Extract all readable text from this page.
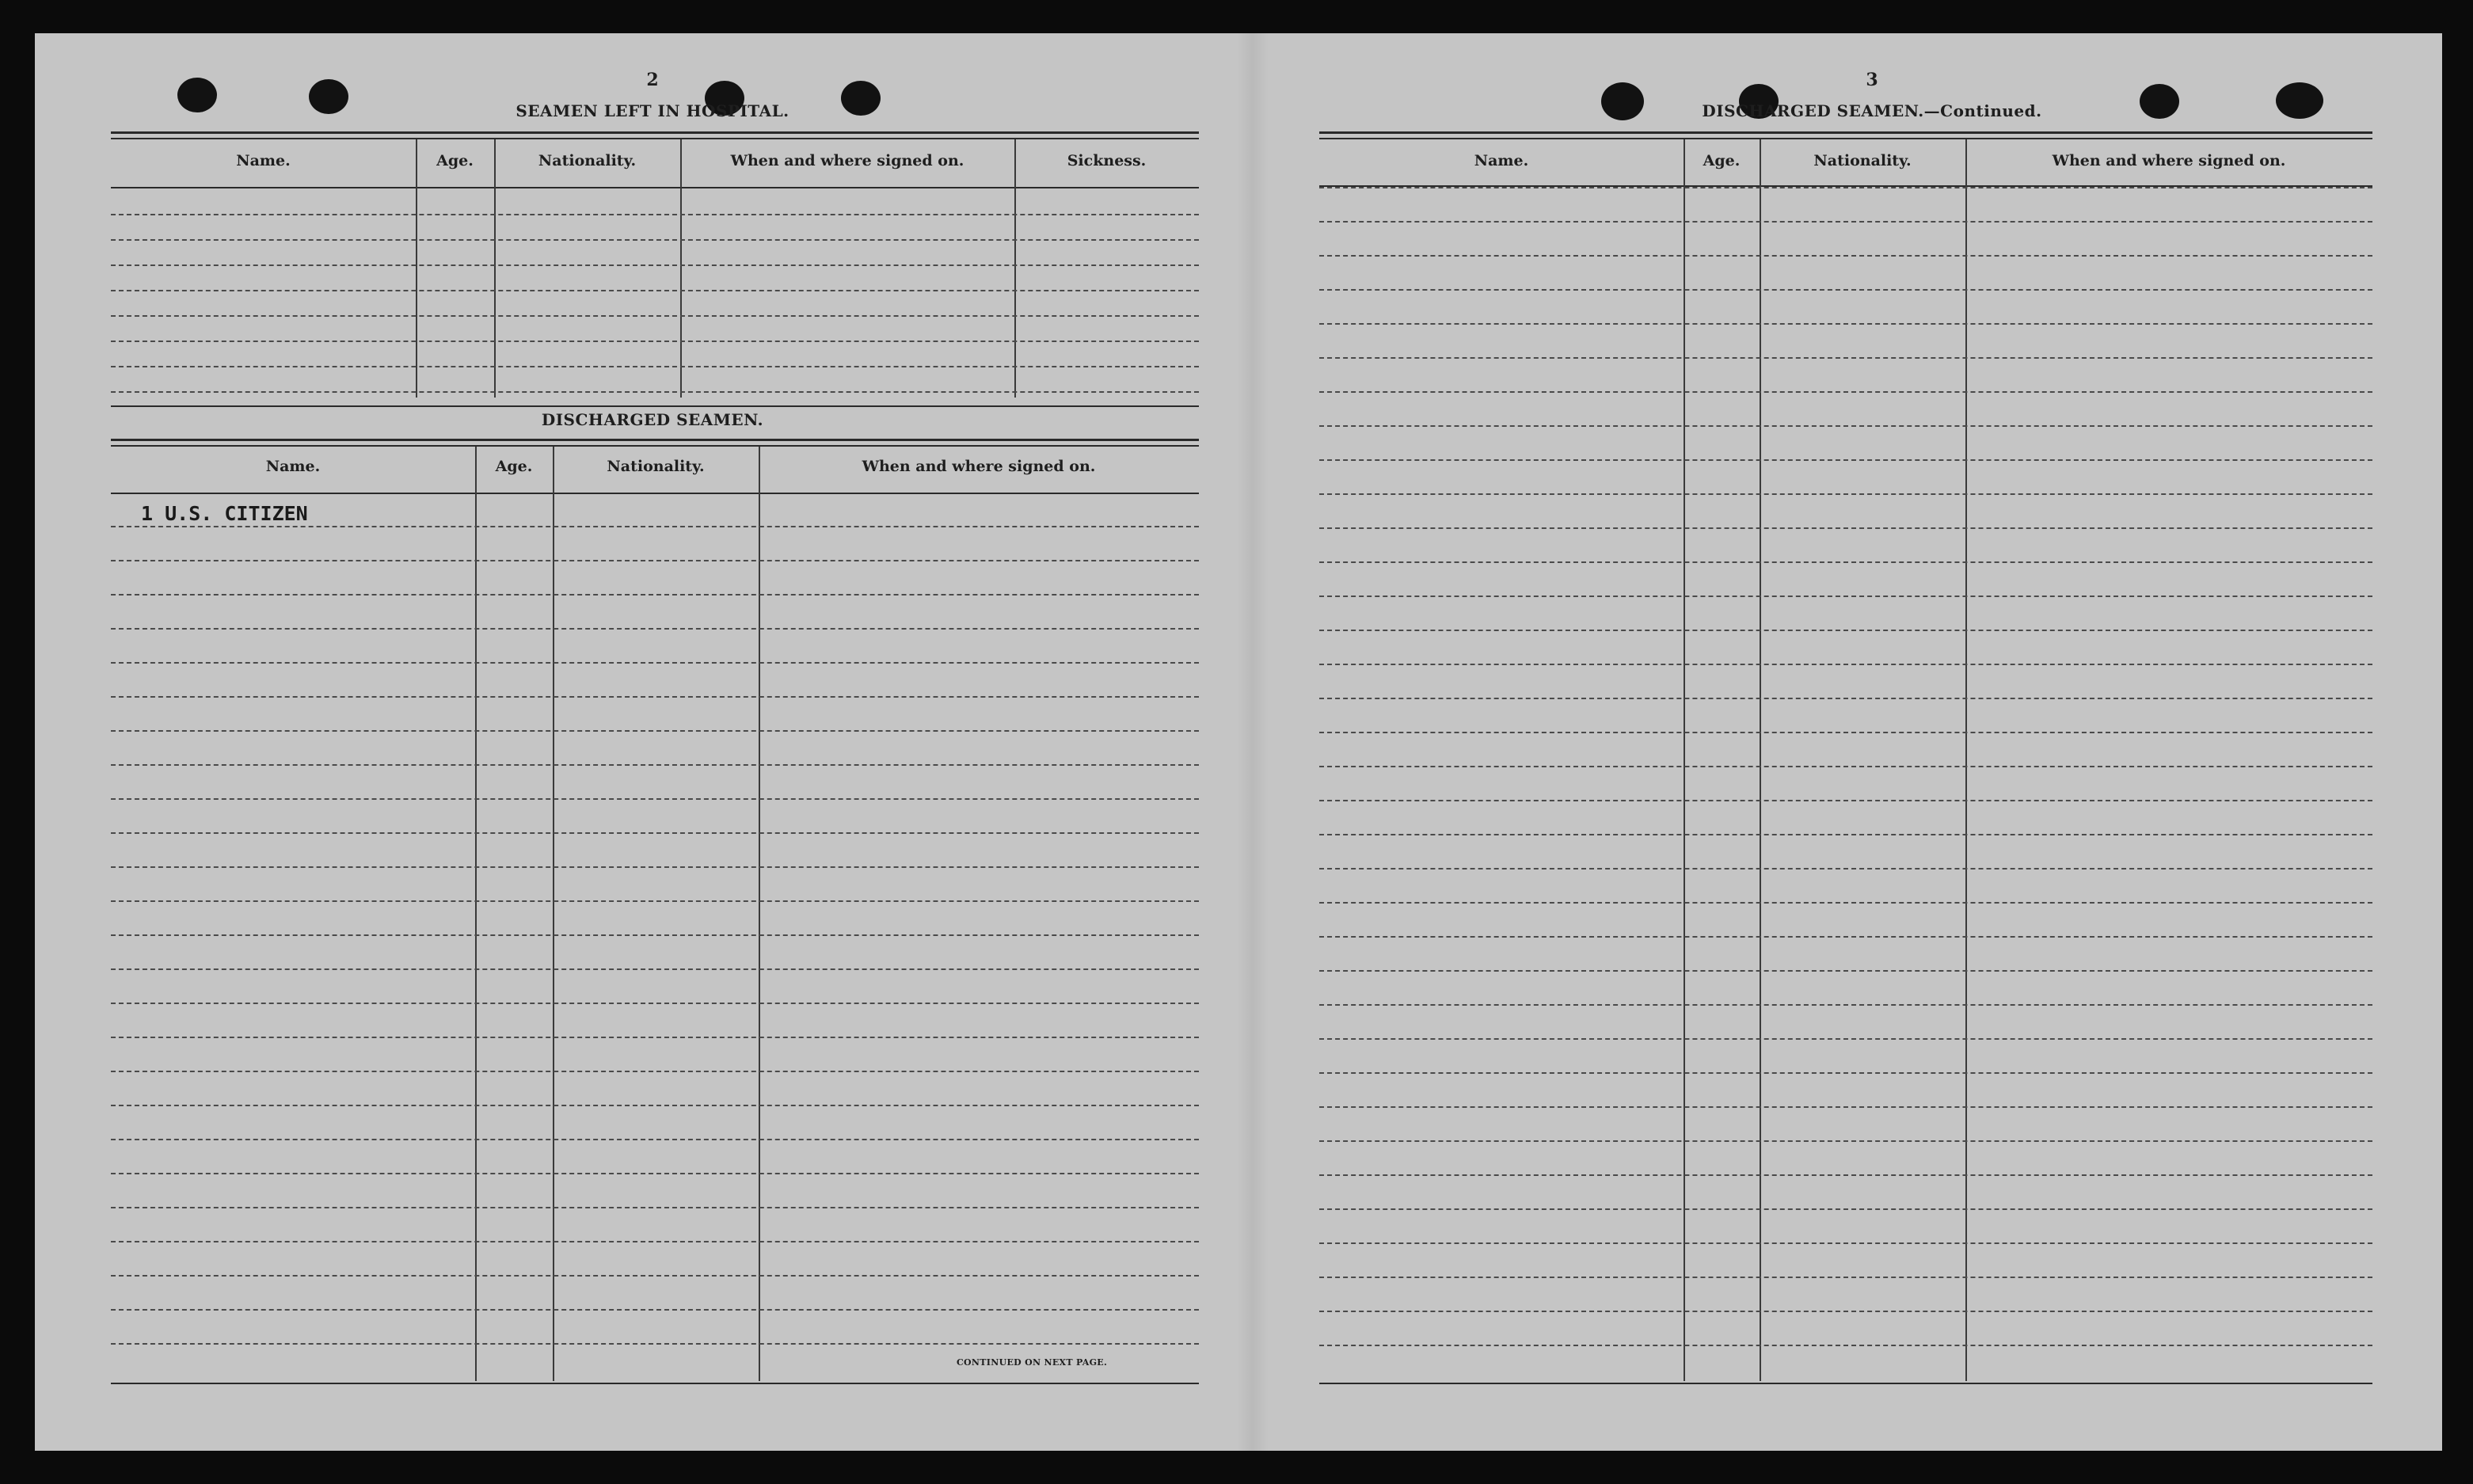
2
SEAMEN LEFT IN HOSPITAL.
Name.	Age.	Nationality.	When and where signed on.	Sickness.
DISCHARGED SEAMEN.
Name.	Age.	Nationality.	When and where signed on.
1 U.S. CITIZEN
CONTINUED ON NEXT PAGE.
3
DISCHARGED SEAMEN.—Continued.
Name.	Age.	Nationality.	When and where signed on.
